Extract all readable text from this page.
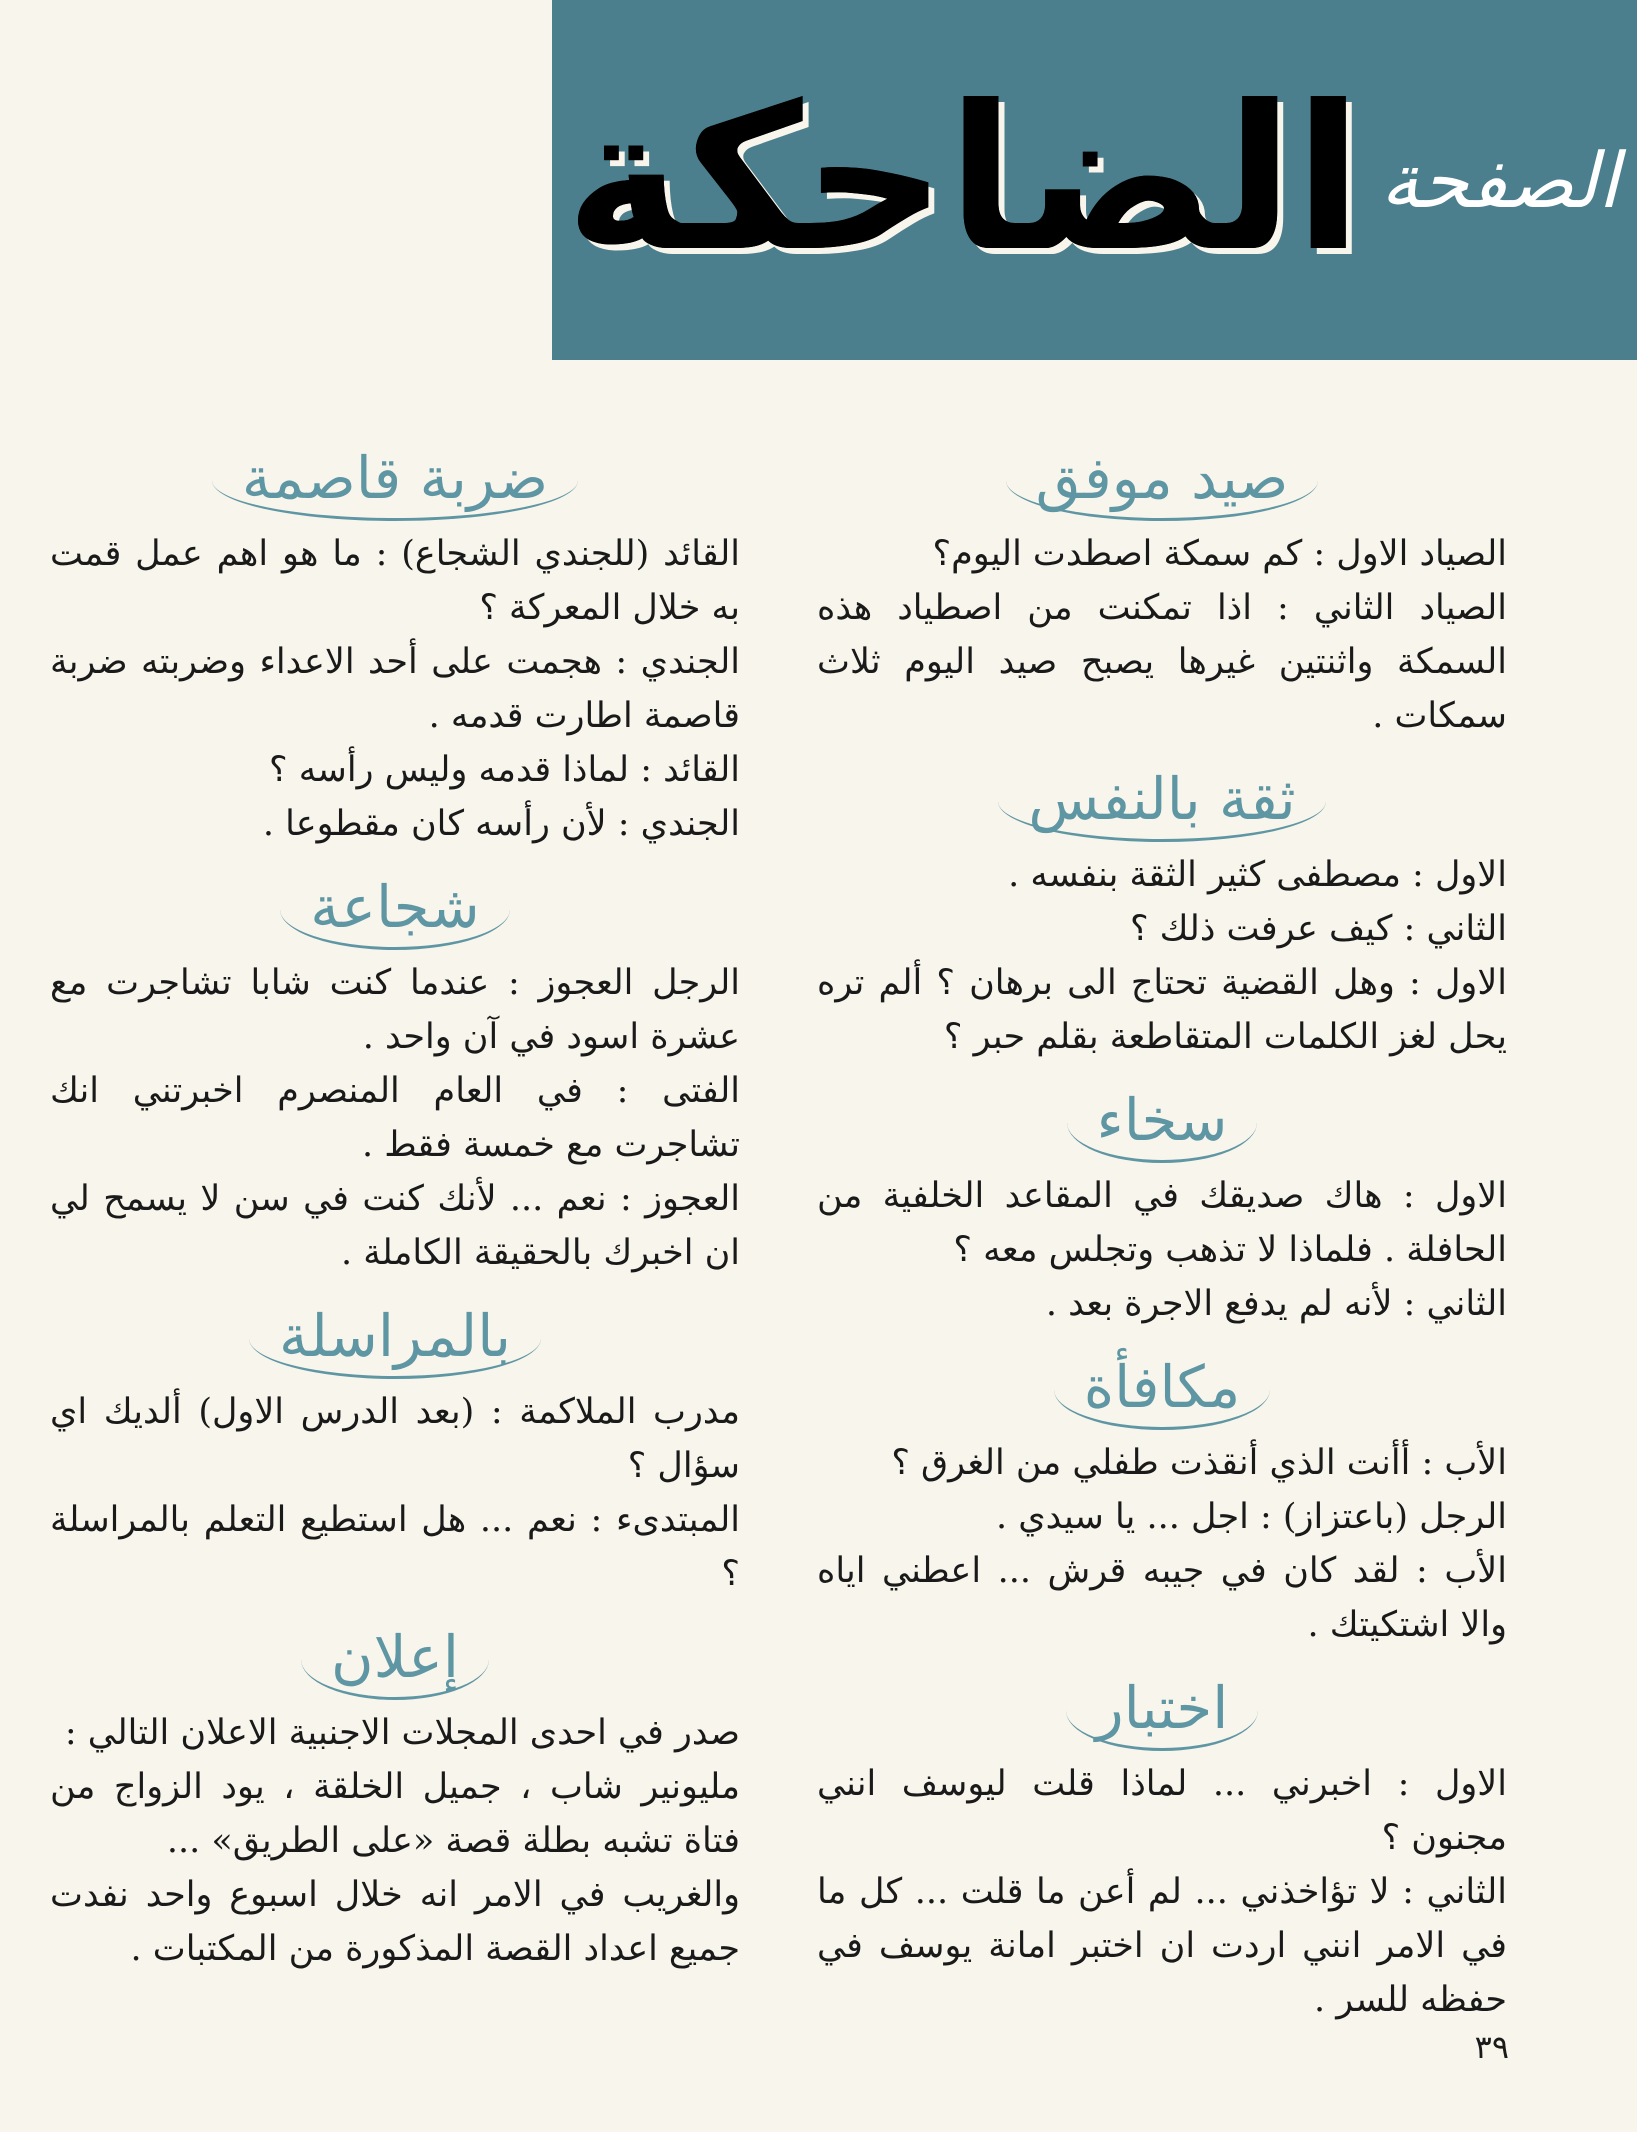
الصفحة
الضاحكة
صيد موفق

الصياد الاول : كم سمكة اصطدت اليوم؟

الصياد الثاني : اذا تمكنت من اصطياد هذه السمكة واثنتين غيرها يصبح صيد اليوم ثلاث سمكات .

ثقة بالنفس

الاول : مصطفى كثير الثقة بنفسه .

الثاني : كيف عرفت ذلك ؟

الاول : وهل القضية تحتاج الى برهان ؟ ألم تره يحل لغز الكلمات المتقاطعة بقلم حبر ؟

سخاء

الاول : هاك صديقك في المقاعد الخلفية من الحافلة . فلماذا لا تذهب وتجلس معه ؟

الثاني : لأنه لم يدفع الاجرة بعد .

مكافأة

الأب : أأنت الذي أنقذت طفلي من الغرق ؟

الرجل (باعتزاز) : اجل ... يا سيدي .

الأب : لقد كان في جيبه قرش ... اعطني اياه والا اشتكيتك .

اختبار

الاول : اخبرني ... لماذا قلت ليوسف انني مجنون ؟

الثاني : لا تؤاخذني ... لم أعن ما قلت ... كل ما في الامر انني اردت ان اختبر امانة يوسف في حفظه للسر .

ضربة قاصمة

القائد (للجندي الشجاع) : ما هو اهم عمل قمت به خلال المعركة ؟

الجندي : هجمت على أحد الاعداء وضربته ضربة قاصمة اطارت قدمه .

القائد : لماذا قدمه وليس رأسه ؟

الجندي : لأن رأسه كان مقطوعا .

شجاعة

الرجل العجوز : عندما كنت شابا تشاجرت مع عشرة اسود في آن واحد .

الفتى : في العام المنصرم اخبرتني انك تشاجرت مع خمسة فقط .

العجوز : نعم ... لأنك كنت في سن لا يسمح لي ان اخبرك بالحقيقة الكاملة .

بالمراسلة

مدرب الملاكمة : (بعد الدرس الاول) ألديك اي سؤال ؟

المبتدىء : نعم ... هل استطيع التعلم بالمراسلة ؟

إعلان

صدر في احدى المجلات الاجنبية الاعلان التالي :

مليونير شاب ، جميل الخلقة ، يود الزواج من فتاة تشبه بطلة قصة «على الطريق» ...

والغريب في الامر انه خلال اسبوع واحد نفدت جميع اعداد القصة المذكورة من المكتبات .

٣٩
